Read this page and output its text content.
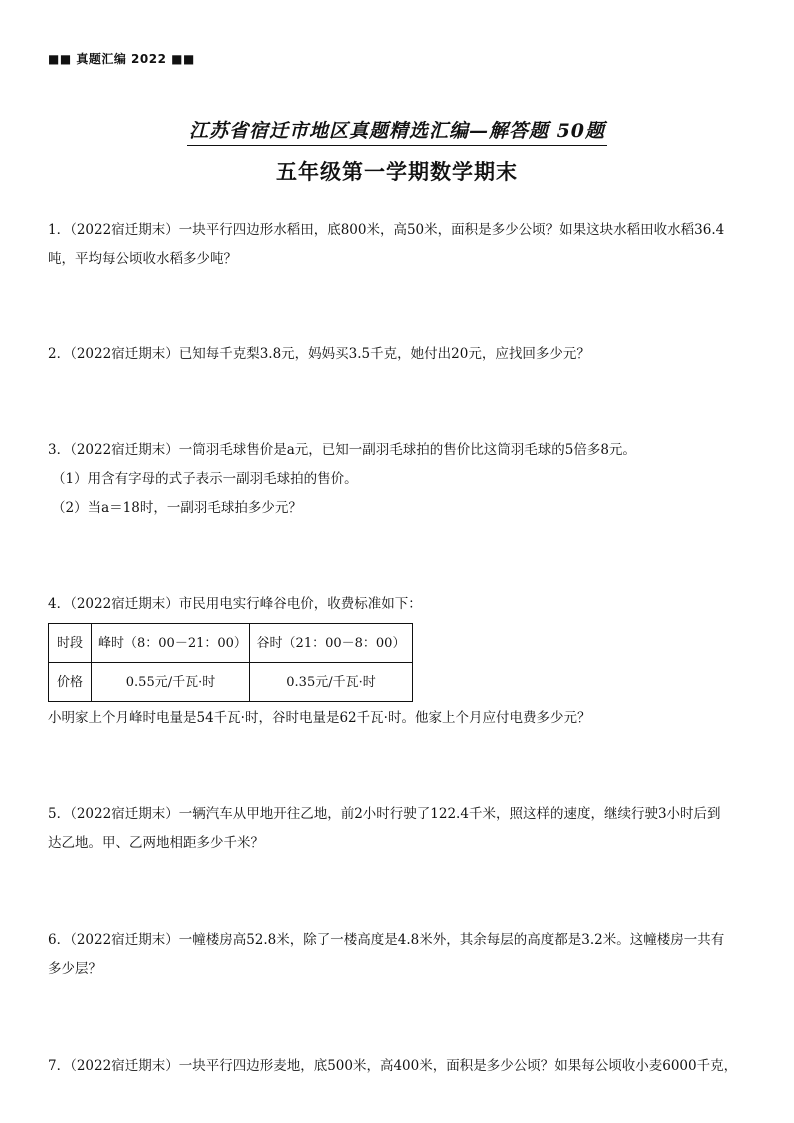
■■ 真题汇编 2022 ■■
江苏省宿迁市地区真题精选汇编—解答题 50题
五年级第一学期数学期末

1．（2022宿迁期末）一块平行四边形水稻田，底800米，高50米，面积是多少公顷？如果这块水稻田收水稻36.4

吨，平均每公顷收水稻多少吨？

2．（2022宿迁期末）已知每千克梨3.8元，妈妈买3.5千克，她付出20元，应找回多少元？

3．（2022宿迁期末）一筒羽毛球售价是a元，已知一副羽毛球拍的售价比这筒羽毛球的5倍多8元。

（1）用含有字母的式子表示一副羽毛球拍的售价。

（2）当a＝18时，一副羽毛球拍多少元？

4．（2022宿迁期末）市民用电实行峰谷电价，收费标准如下：

时段	峰时（8：00－21：00）	谷时（21：00－8：00）
价格	0.55元/千瓦·时	0.35元/千瓦·时

小明家上个月峰时电量是54千瓦·时，谷时电量是62千瓦·时。他家上个月应付电费多少元？

5．（2022宿迁期末）一辆汽车从甲地开往乙地，前2小时行驶了122.4千米，照这样的速度，继续行驶3小时后到

达乙地。甲、乙两地相距多少千米？

6．（2022宿迁期末）一幢楼房高52.8米，除了一楼高度是4.8米外，其余每层的高度都是3.2米。这幢楼房一共有

多少层？

7．（2022宿迁期末）一块平行四边形麦地，底500米，高400米，面积是多少公顷？如果每公顷收小麦6000千克，
